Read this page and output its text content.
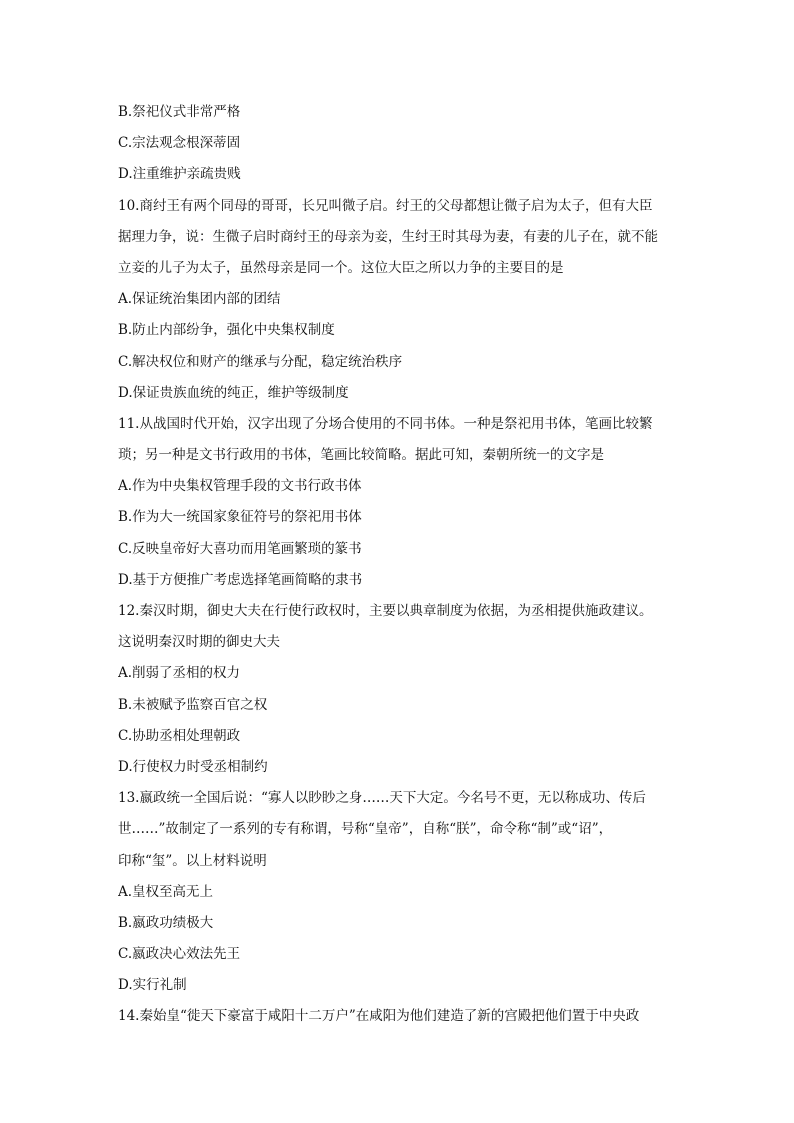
B.祭祀仪式非常严格
C.宗法观念根深蒂固
D.注重维护亲疏贵贱
10.商纣王有两个同母的哥哥，长兄叫微子启。纣王的父母都想让微子启为太子，但有大臣
据理力争，说：生微子启时商纣王的母亲为妾，生纣王时其母为妻，有妻的儿子在，就不能
立妾的儿子为太子，虽然母亲是同一个。这位大臣之所以力争的主要目的是
A.保证统治集团内部的团结
B.防止内部纷争，强化中央集权制度
C.解决权位和财产的继承与分配，稳定统治秩序
D.保证贵族血统的纯正，维护等级制度
11.从战国时代开始，汉字出现了分场合使用的不同书体。一种是祭祀用书体，笔画比较繁
琐；另一种是文书行政用的书体，笔画比较简略。据此可知，秦朝所统一的文字是
A.作为中央集权管理手段的文书行政书体
B.作为大一统国家象征符号的祭祀用书体
C.反映皇帝好大喜功而用笔画繁琐的篆书
D.基于方便推广考虑选择笔画简略的隶书
12.秦汉时期，御史大夫在行使行政权时，主要以典章制度为依据，为丞相提供施政建议。
这说明秦汉时期的御史大夫
A.削弱了丞相的权力
B.未被赋予监察百官之权
C.协助丞相处理朝政
D.行使权力时受丞相制约
13.嬴政统一全国后说：“寡人以眇眇之身……天下大定。今名号不更，无以称成功、传后
世……”故制定了一系列的专有称谓，号称“皇帝”，自称“朕”，命令称“制”或“诏”，
印称“玺”。以上材料说明
A.皇权至高无上
B.嬴政功绩极大
C.嬴政决心效法先王
D.实行礼制
14.秦始皇“徙天下豪富于咸阳十二万户”在咸阳为他们建造了新的宫殿把他们置于中央政
